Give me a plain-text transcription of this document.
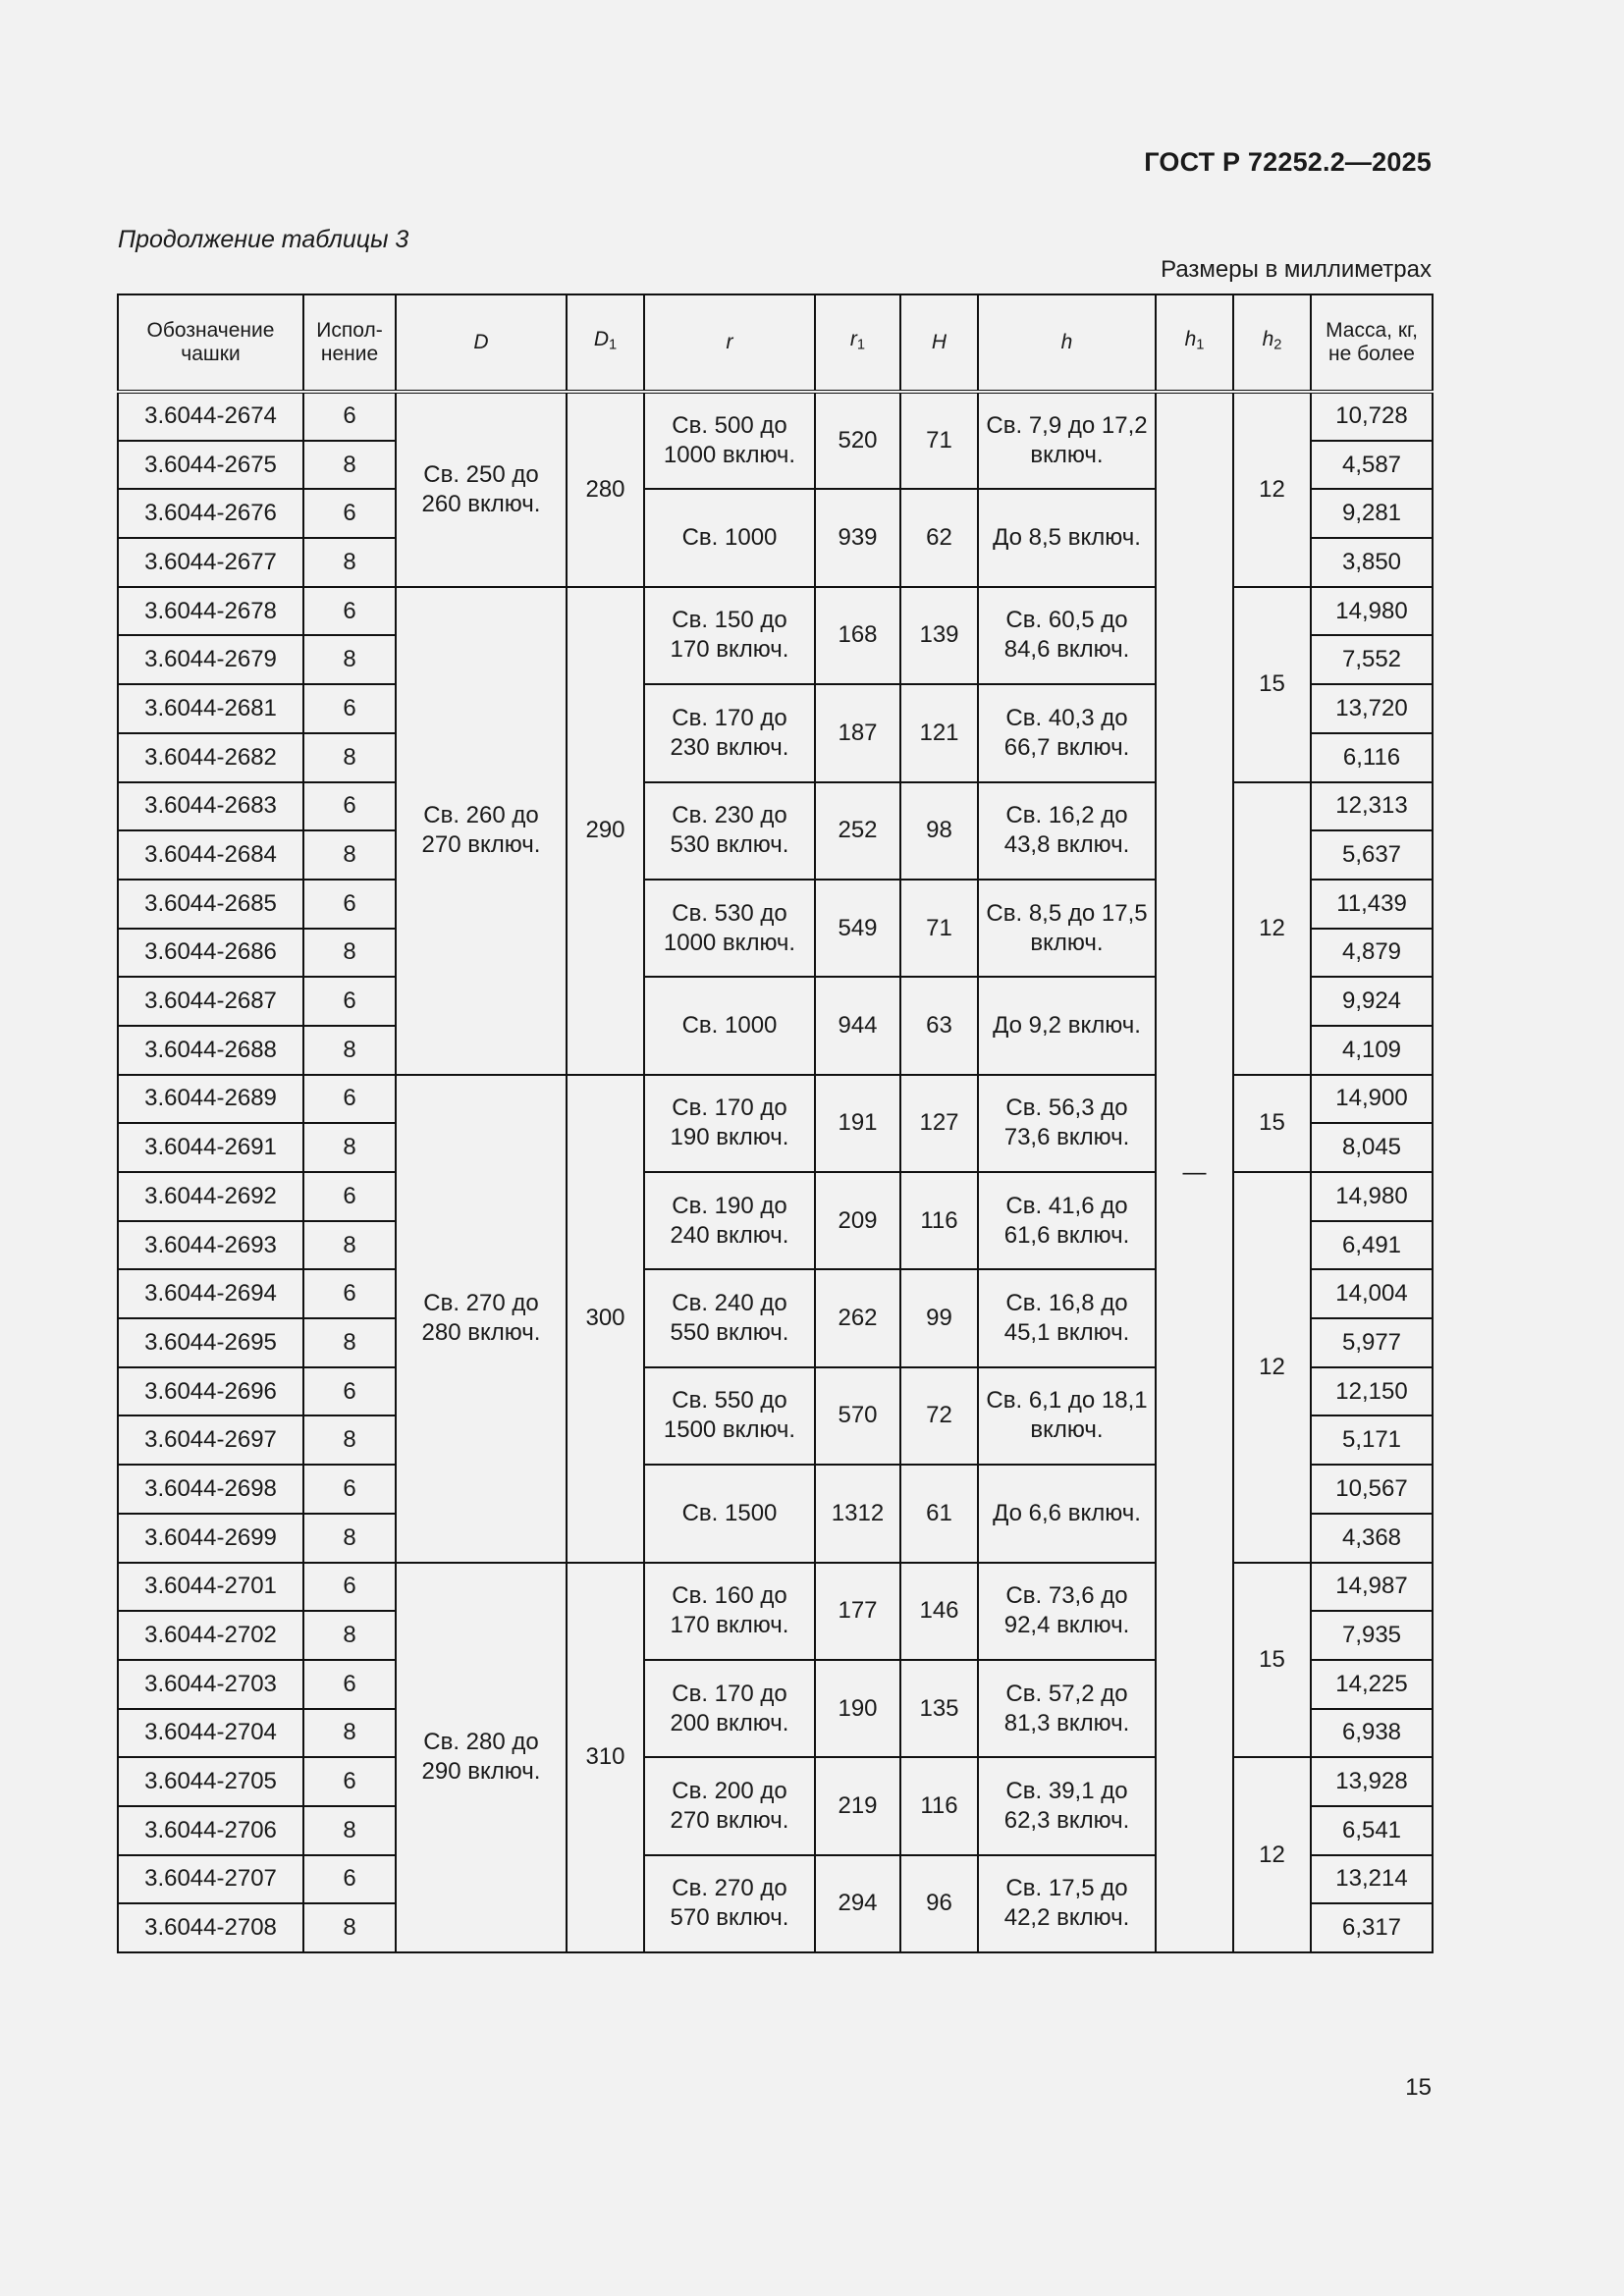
ГОСТ Р 72252.2—2025
Продолжение таблицы 3
Размеры в миллиметрах
Обозначение чашки	Испол-нение	D	$D_1$	r	$r_1$	H	h	$h_1$	$h_2$	Масса, кг, не более
3.6044-2674	6	Св. 250 до 260 включ.	280	Св. 500 до 1000 включ.	520	71	Св. 7,9 до 17,2 включ.	—	12	10,728
3.6044-2675	8									4,587
3.6044-2676	6			Св. 1000	939	62	До 8,5 включ.			9,281
3.6044-2677	8									3,850
3.6044-2678	6	Св. 260 до 270 включ.	290	Св. 150 до 170 включ.	168	139	Св. 60,5 до 84,6 включ.		15	14,980
3.6044-2679	8									7,552
3.6044-2681	6			Св. 170 до 230 включ.	187	121	Св. 40,3 до 66,7 включ.			13,720
3.6044-2682	8									6,116
3.6044-2683	6			Св. 230 до 530 включ.	252	98	Св. 16,2 до 43,8 включ.		12	12,313
3.6044-2684	8									5,637
3.6044-2685	6			Св. 530 до 1000 включ.	549	71	Св. 8,5 до 17,5 включ.			11,439
3.6044-2686	8									4,879
3.6044-2687	6			Св. 1000	944	63	До 9,2 включ.			9,924
3.6044-2688	8									4,109
3.6044-2689	6	Св. 270 до 280 включ.	300	Св. 170 до 190 включ.	191	127	Св. 56,3 до 73,6 включ.		15	14,900
3.6044-2691	8									8,045
3.6044-2692	6			Св. 190 до 240 включ.	209	116	Св. 41,6 до 61,6 включ.		12	14,980
3.6044-2693	8									6,491
3.6044-2694	6			Св. 240 до 550 включ.	262	99	Св. 16,8 до 45,1 включ.			14,004
3.6044-2695	8									5,977
3.6044-2696	6			Св. 550 до 1500 включ.	570	72	Св. 6,1 до 18,1 включ.			12,150
3.6044-2697	8									5,171
3.6044-2698	6			Св. 1500	1312	61	До 6,6 включ.			10,567
3.6044-2699	8									4,368
3.6044-2701	6	Св. 280 до 290 включ.	310	Св. 160 до 170 включ.	177	146	Св. 73,6 до 92,4 включ.		15	14,987
3.6044-2702	8									7,935
3.6044-2703	6			Св. 170 до 200 включ.	190	135	Св. 57,2 до 81,3 включ.			14,225
3.6044-2704	8									6,938
3.6044-2705	6			Св. 200 до 270 включ.	219	116	Св. 39,1 до 62,3 включ.		12	13,928
3.6044-2706	8									6,541
3.6044-2707	6			Св. 270 до 570 включ.	294	96	Св. 17,5 до 42,2 включ.			13,214
3.6044-2708	8									6,317
15
